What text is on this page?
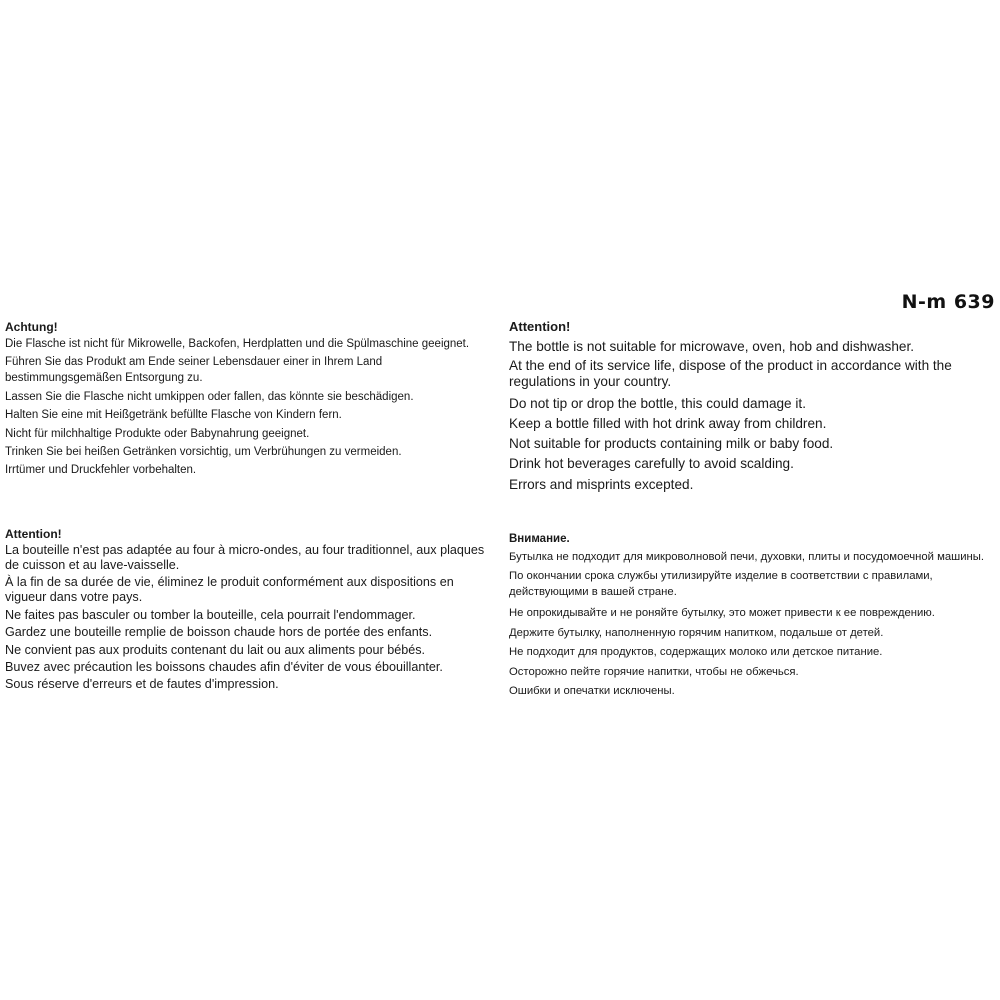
N-m 639

Achtung!

Die Flasche ist nicht für Mikrowelle, Backofen, Herdplatten und die Spülmaschine geeignet.

Führen Sie das Produkt am Ende seiner Lebensdauer einer in Ihrem Land bestimmungsgemäßen Entsorgung zu.

Lassen Sie die Flasche nicht umkippen oder fallen, das könnte sie beschädigen.

Halten Sie eine mit Heißgetränk befüllte Flasche von Kindern fern.

Nicht für milchhaltige Produkte oder Babynahrung geeignet.

Trinken Sie bei heißen Getränken vorsichtig, um Verbrühungen zu vermeiden.

Irrtümer und Druckfehler vorbehalten.

Attention!

The bottle is not suitable for microwave, oven, hob and dishwasher.

At the end of its service life, dispose of the product in accordance with the regulations in your country.

Do not tip or drop the bottle, this could damage it.

Keep a bottle filled with hot drink away from children.

Not suitable for products containing milk or baby food.

Drink hot beverages carefully to avoid scalding.

Errors and misprints excepted.

Attention!

La bouteille n'est pas adaptée au four à micro-ondes, au four traditionnel, aux plaques de cuisson et au lave-vaisselle.

À la fin de sa durée de vie, éliminez le produit conformément aux dispositions en vigueur dans votre pays.

Ne faites pas basculer ou tomber la bouteille, cela pourrait l'endommager.

Gardez une bouteille remplie de boisson chaude hors de portée des enfants.

Ne convient pas aux produits contenant du lait ou aux aliments pour bébés.

Buvez avec précaution les boissons chaudes afin d'éviter de vous ébouillanter.

Sous réserve d'erreurs et de fautes d'impression.

Внимание.

Бутылка не подходит для микроволновой печи, духовки, плиты и посудомоечной машины.

По окончании срока службы утилизируйте изделие в соответствии с правилами, действующими в вашей стране.

Не опрокидывайте и не роняйте бутылку, это может привести к ее повреждению.

Держите бутылку, наполненную горячим напитком, подальше от детей.

Не подходит для продуктов, содержащих молоко или детское питание.

Осторожно пейте горячие напитки, чтобы не обжечься.

Ошибки и опечатки исключены.
